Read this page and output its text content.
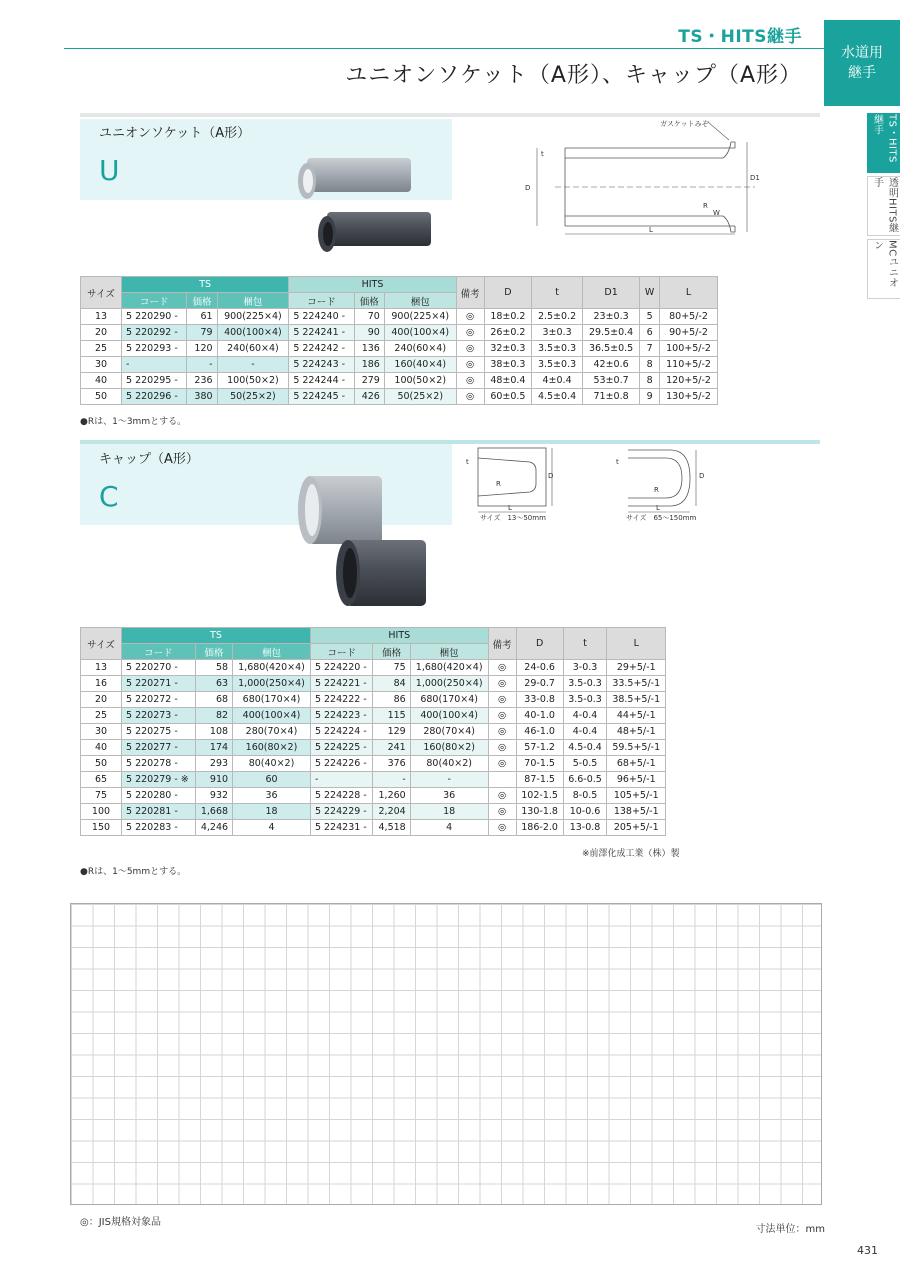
TS・HITS継手
ユニオンソケット（A形）、キャップ（A形）
水道用
継手
TS・HITS継手
透明HITS継手
MCユニオン
ユニオンソケット（A形）
U
ガスケットみぞ
D
t
D1
R
W
L
サイズ	TS			HITS			備考	D	t	D1	W	L
	コード	価格	梱包	コード	価格	梱包						
13	5 220290 -	61	900(225×4)	5 224240 -	70	900(225×4)	◎	18±0.2	2.5±0.2	23±0.3	5	80+5/-2
20	5 220292 -	79	400(100×4)	5 224241 -	90	400(100×4)	◎	26±0.2	3±0.3	29.5±0.4	6	90+5/-2
25	5 220293 -	120	240(60×4)	5 224242 -	136	240(60×4)	◎	32±0.3	3.5±0.3	36.5±0.5	7	100+5/-2
30	-	-	-	5 224243 -	186	160(40×4)	◎	38±0.3	3.5±0.3	42±0.6	8	110+5/-2
40	5 220295 -	236	100(50×2)	5 224244 -	279	100(50×2)	◎	48±0.4	4±0.4	53±0.7	8	120+5/-2
50	5 220296 -	380	50(25×2)	5 224245 -	426	50(25×2)	◎	60±0.5	4.5±0.4	71±0.8	9	130+5/-2
●Rは、1〜3mmとする。
キャップ（A形）
C
t
R
D
L
サイズ　13〜50mm
t
R
D
L
サイズ　65〜150mm
サイズ	TS			HITS			備考	D	t	L
	コード	価格	梱包	コード	価格	梱包				
13	5 220270 -	58	1,680(420×4)	5 224220 -	75	1,680(420×4)	◎	24-0.6	3-0.3	29+5/-1
16	5 220271 -	63	1,000(250×4)	5 224221 -	84	1,000(250×4)	◎	29-0.7	3.5-0.3	33.5+5/-1
20	5 220272 -	68	680(170×4)	5 224222 -	86	680(170×4)	◎	33-0.8	3.5-0.3	38.5+5/-1
25	5 220273 -	82	400(100×4)	5 224223 -	115	400(100×4)	◎	40-1.0	4-0.4	44+5/-1
30	5 220275 -	108	280(70×4)	5 224224 -	129	280(70×4)	◎	46-1.0	4-0.4	48+5/-1
40	5 220277 -	174	160(80×2)	5 224225 -	241	160(80×2)	◎	57-1.2	4.5-0.4	59.5+5/-1
50	5 220278 -	293	80(40×2)	5 224226 -	376	80(40×2)	◎	70-1.5	5-0.5	68+5/-1
65	5 220279 - ※	910	60	-	-	-		87-1.5	6.6-0.5	96+5/-1
75	5 220280 -	932	36	5 224228 -	1,260	36	◎	102-1.5	8-0.5	105+5/-1
100	5 220281 -	1,668	18	5 224229 -	2,204	18	◎	130-1.8	10-0.6	138+5/-1
150	5 220283 -	4,246	4	5 224231 -	4,518	4	◎	186-2.0	13-0.8	205+5/-1
※前澤化成工業（株）製
●Rは、1〜5mmとする。
◎：JIS規格対象品
寸法単位：mm
431
